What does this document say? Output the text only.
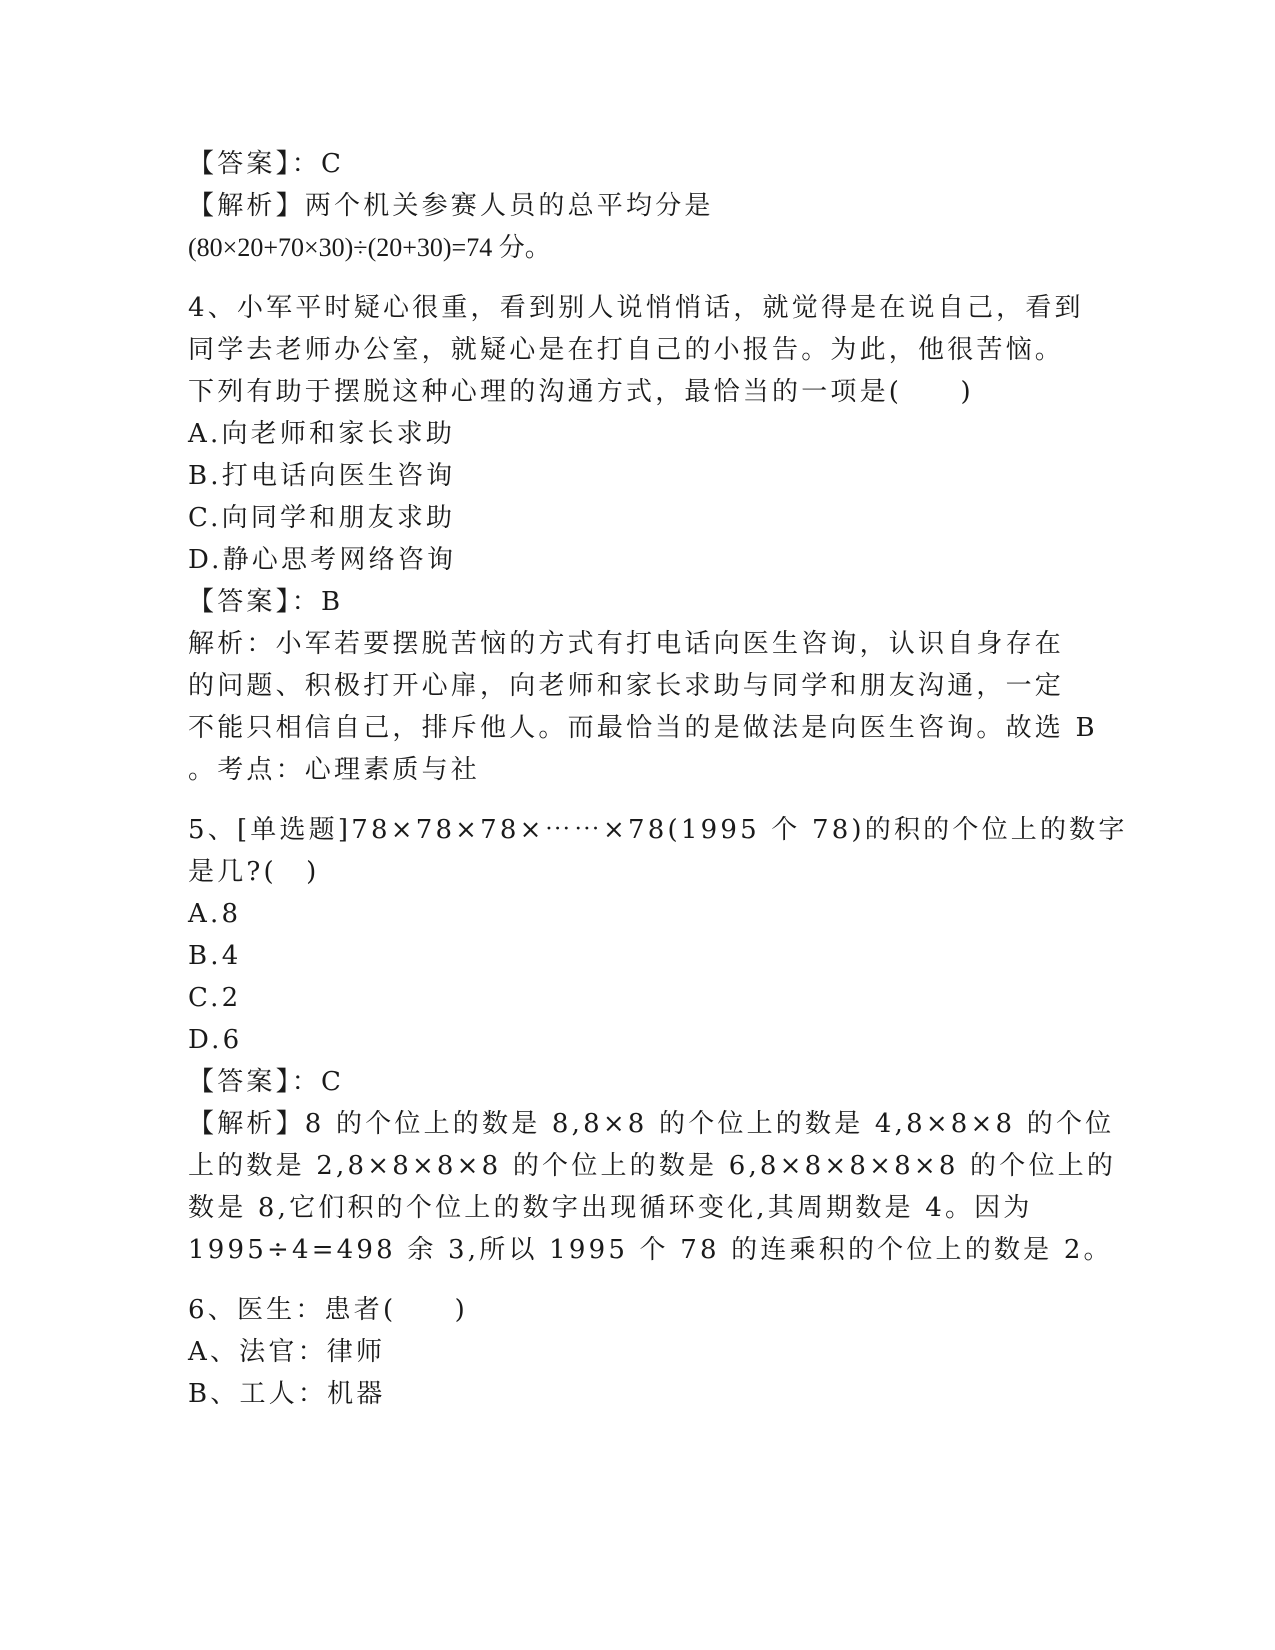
【答案】：C

【解析】两个机关参赛人员的总平均分是

(80×20+70×30)÷(20+30)=74 分。

4、小军平时疑心很重，看到别人说悄悄话，就觉得是在说自己，看到

同学去老师办公室，就疑心是在打自己的小报告。为此，他很苦恼。

下列有助于摆脱这种心理的沟通方式，最恰当的一项是(　　)

A.向老师和家长求助

B.打电话向医生咨询

C.向同学和朋友求助

D.静心思考网络咨询

【答案】：B

解析：小军若要摆脱苦恼的方式有打电话向医生咨询，认识自身存在

的问题、积极打开心扉，向老师和家长求助与同学和朋友沟通，一定

不能只相信自己，排斥他人。而最恰当的是做法是向医生咨询。故选 B

。考点：心理素质与社

5、[单选题]78×78×78×⋯⋯×78(1995 个 78)的积的个位上的数字

是几?(　)

A.8

B.4

C.2

D.6

【答案】：C

【解析】8 的个位上的数是 8,8×8 的个位上的数是 4,8×8×8 的个位

上的数是 2,8×8×8×8 的个位上的数是 6,8×8×8×8×8 的个位上的

数是 8,它们积的个位上的数字出现循环变化,其周期数是 4。因为

1995÷4=498 余 3,所以 1995 个 78 的连乘积的个位上的数是 2。

6、医生：患者(　　)

A、法官：律师

B、工人：机器
